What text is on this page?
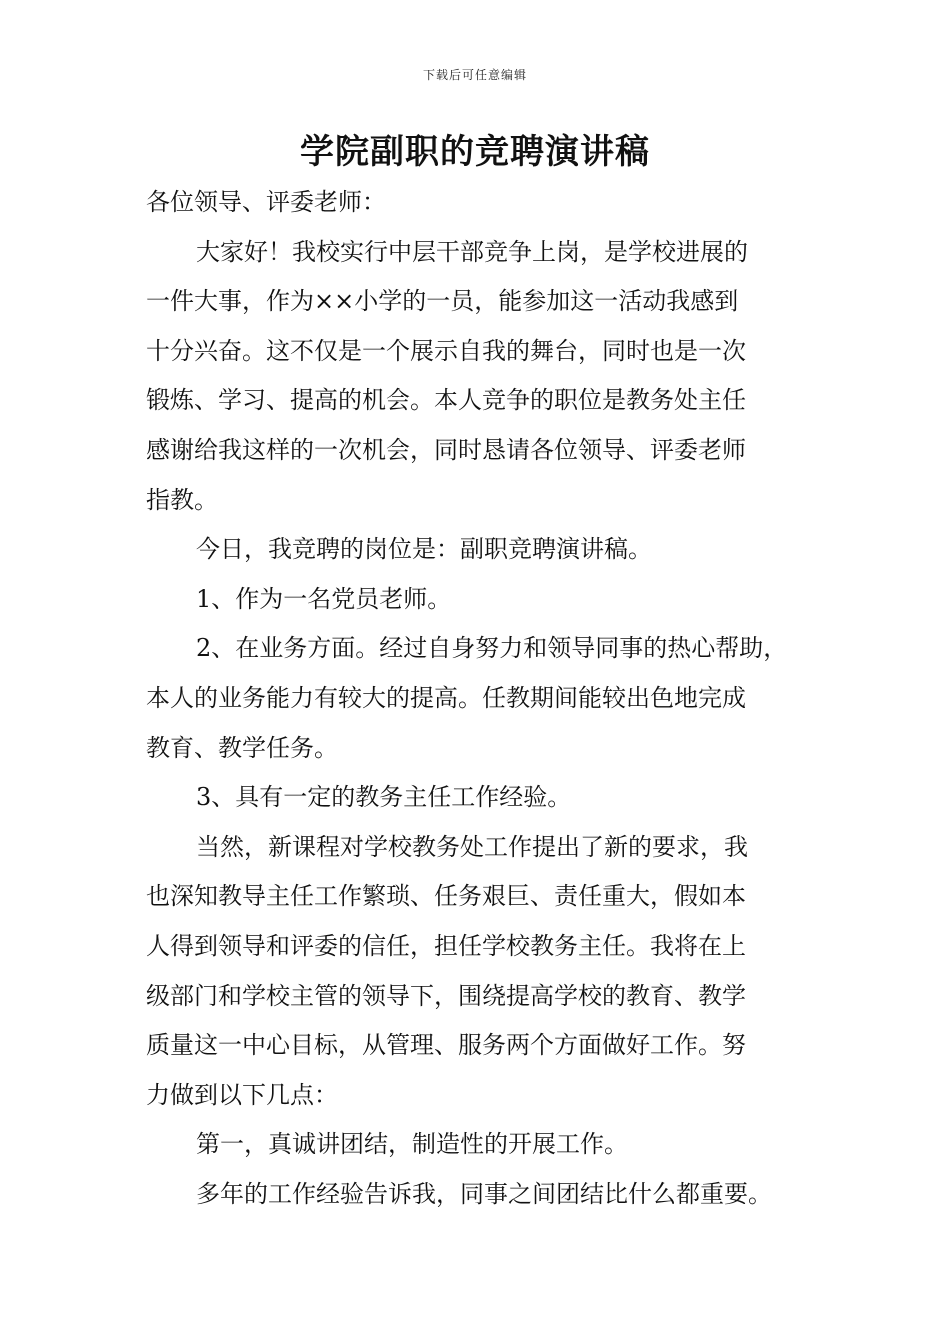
下载后可任意编辑
学院副职的竞聘演讲稿

各位领导、评委老师：

大家好！我校实行中层干部竞争上岗，是学校进展的

一件大事，作为××小学的一员，能参加这一活动我感到

十分兴奋。这不仅是一个展示自我的舞台，同时也是一次

锻炼、学习、提高的机会。本人竞争的职位是教务处主任

感谢给我这样的一次机会，同时恳请各位领导、评委老师

指教。

今日，我竞聘的岗位是：副职竞聘演讲稿。

1、作为一名党员老师。

2、在业务方面。经过自身努力和领导同事的热心帮助，

本人的业务能力有较大的提高。任教期间能较出色地完成

教育、教学任务。

3、具有一定的教务主任工作经验。

当然，新课程对学校教务处工作提出了新的要求，我

也深知教导主任工作繁琐、任务艰巨、责任重大，假如本

人得到领导和评委的信任，担任学校教务主任。我将在上

级部门和学校主管的领导下，围绕提高学校的教育、教学

质量这一中心目标，从管理、服务两个方面做好工作。努

力做到以下几点：

第一，真诚讲团结，制造性的开展工作。

多年的工作经验告诉我，同事之间团结比什么都重要。
